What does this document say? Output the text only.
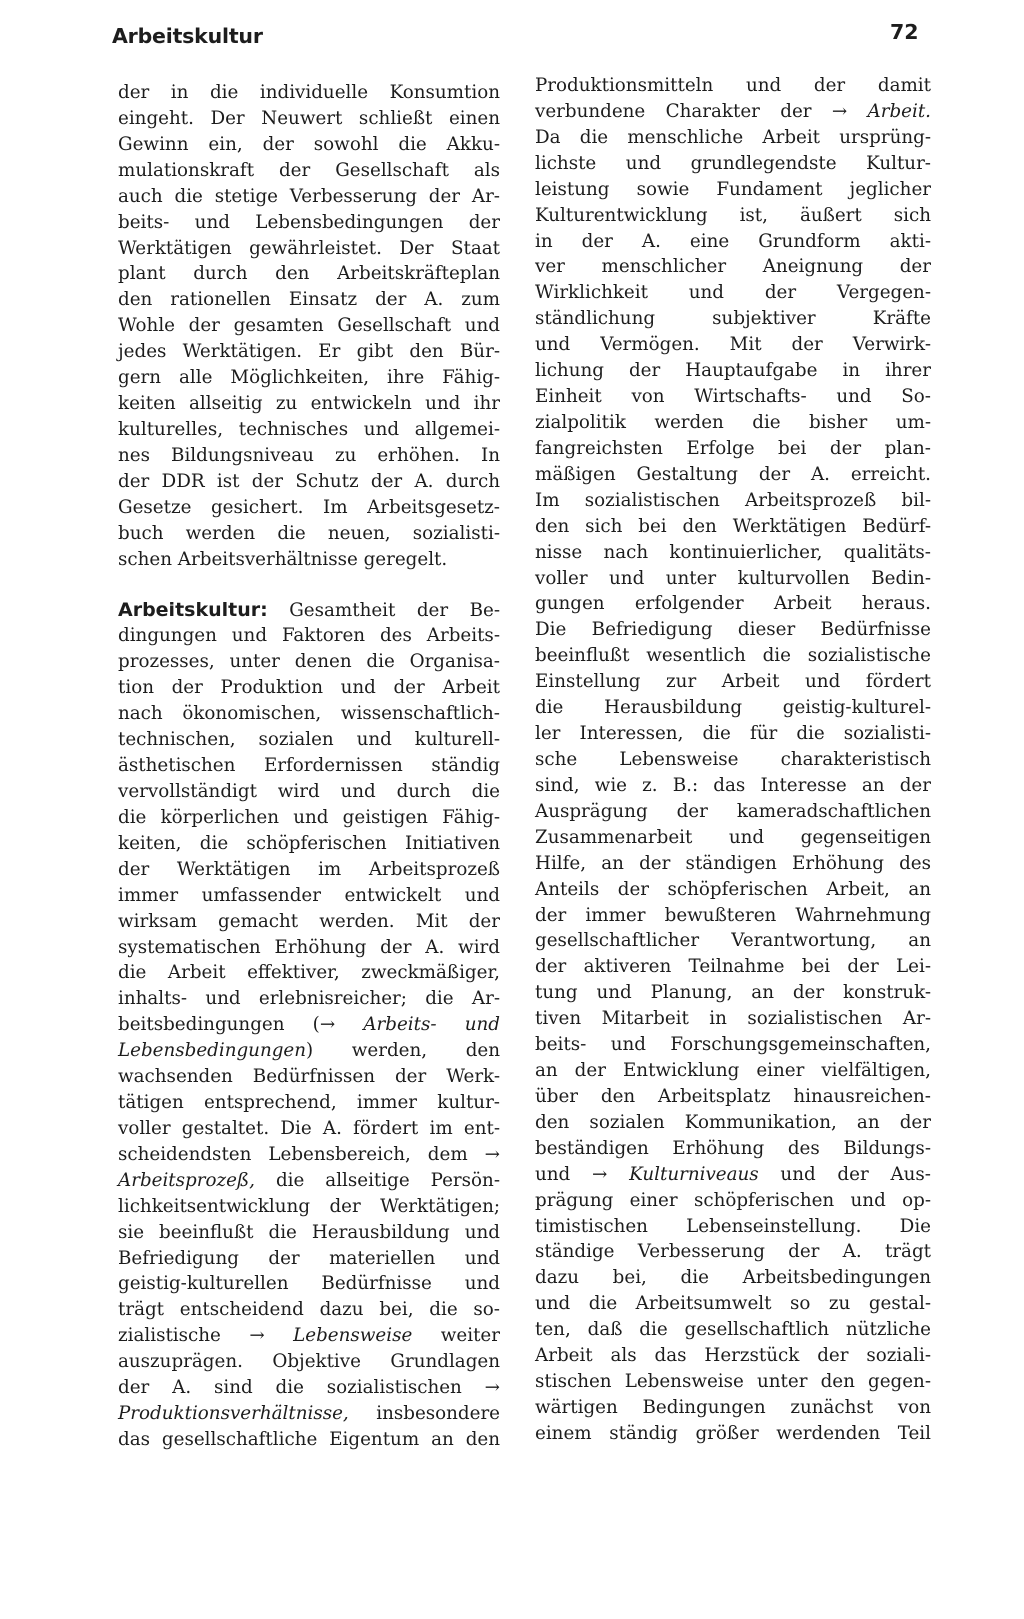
Arbeitskultur	72
der in die individuelle Konsumtion
eingeht. Der Neuwert schließt einen
Gewinn ein, der sowohl die Akku-
mulationskraft der Gesellschaft als
auch die stetige Verbesserung der Ar-
beits- und Lebensbedingungen der
Werktätigen gewährleistet. Der Staat
plant durch den Arbeitskräfteplan
den rationellen Einsatz der A. zum
Wohle der gesamten Gesellschaft und
jedes Werktätigen. Er gibt den Bür-
gern alle Möglichkeiten, ihre Fähig-
keiten allseitig zu entwickeln und ihr
kulturelles, technisches und allgemei-
nes Bildungsniveau zu erhöhen. In
der DDR ist der Schutz der A. durch
Gesetze gesichert. Im Arbeitsgesetz-
buch werden die neuen, sozialisti-
schen Arbeitsverhältnisse geregelt.
Arbeitskultur: Gesamtheit der Be-
dingungen und Faktoren des Arbeits-
prozesses, unter denen die Organisa-
tion der Produktion und der Arbeit
nach ökonomischen, wissenschaftlich-
technischen, sozialen und kulturell-
ästhetischen Erfordernissen ständig
vervollständigt wird und durch die
die körperlichen und geistigen Fähig-
keiten, die schöpferischen Initiativen
der Werktätigen im Arbeitsprozeß
immer umfassender entwickelt und
wirksam gemacht werden. Mit der
systematischen Erhöhung der A. wird
die Arbeit effektiver, zweckmäßiger,
inhalts- und erlebnisreicher; die Ar-
beitsbedingungen (→ Arbeits- und
Lebensbedingungen) werden, den
wachsenden Bedürfnissen der Werk-
tätigen entsprechend, immer kultur-
voller gestaltet. Die A. fördert im ent-
scheidendsten Lebensbereich, dem →
Arbeitsprozeß, die allseitige Persön-
lichkeitsentwicklung der Werktätigen;
sie beeinflußt die Herausbildung und
Befriedigung der materiellen und
geistig-kulturellen Bedürfnisse und
trägt entscheidend dazu bei, die so-
zialistische → Lebensweise weiter
auszuprägen. Objektive Grundlagen
der A. sind die sozialistischen →
Produktionsverhältnisse, insbesondere
das gesellschaftliche Eigentum an den
Produktionsmitteln und der damit
verbundene Charakter der → Arbeit.
Da die menschliche Arbeit ursprüng-
lichste und grundlegendste Kultur-
leistung sowie Fundament jeglicher
Kulturentwicklung ist, äußert sich
in der A. eine Grundform akti-
ver menschlicher Aneignung der
Wirklichkeit und der Vergegen-
ständlichung subjektiver Kräfte
und Vermögen. Mit der Verwirk-
lichung der Hauptaufgabe in ihrer
Einheit von Wirtschafts- und So-
zialpolitik werden die bisher um-
fangreichsten Erfolge bei der plan-
mäßigen Gestaltung der A. erreicht.
Im sozialistischen Arbeitsprozeß bil-
den sich bei den Werktätigen Bedürf-
nisse nach kontinuierlicher, qualitäts-
voller und unter kulturvollen Bedin-
gungen erfolgender Arbeit heraus.
Die Befriedigung dieser Bedürfnisse
beeinflußt wesentlich die sozialistische
Einstellung zur Arbeit und fördert
die Herausbildung geistig-kulturel-
ler Interessen, die für die sozialisti-
sche Lebensweise charakteristisch
sind, wie z. B.: das Interesse an der
Ausprägung der kameradschaftlichen
Zusammenarbeit und gegenseitigen
Hilfe, an der ständigen Erhöhung des
Anteils der schöpferischen Arbeit, an
der immer bewußteren Wahrnehmung
gesellschaftlicher Verantwortung, an
der aktiveren Teilnahme bei der Lei-
tung und Planung, an der konstruk-
tiven Mitarbeit in sozialistischen Ar-
beits- und Forschungsgemeinschaften,
an der Entwicklung einer vielfältigen,
über den Arbeitsplatz hinausreichen-
den sozialen Kommunikation, an der
beständigen Erhöhung des Bildungs-
und → Kulturniveaus und der Aus-
prägung einer schöpferischen und op-
timistischen Lebenseinstellung. Die
ständige Verbesserung der A. trägt
dazu bei, die Arbeitsbedingungen
und die Arbeitsumwelt so zu gestal-
ten, daß die gesellschaftlich nützliche
Arbeit als das Herzstück der soziali-
stischen Lebensweise unter den gegen-
wärtigen Bedingungen zunächst von
einem ständig größer werdenden Teil
